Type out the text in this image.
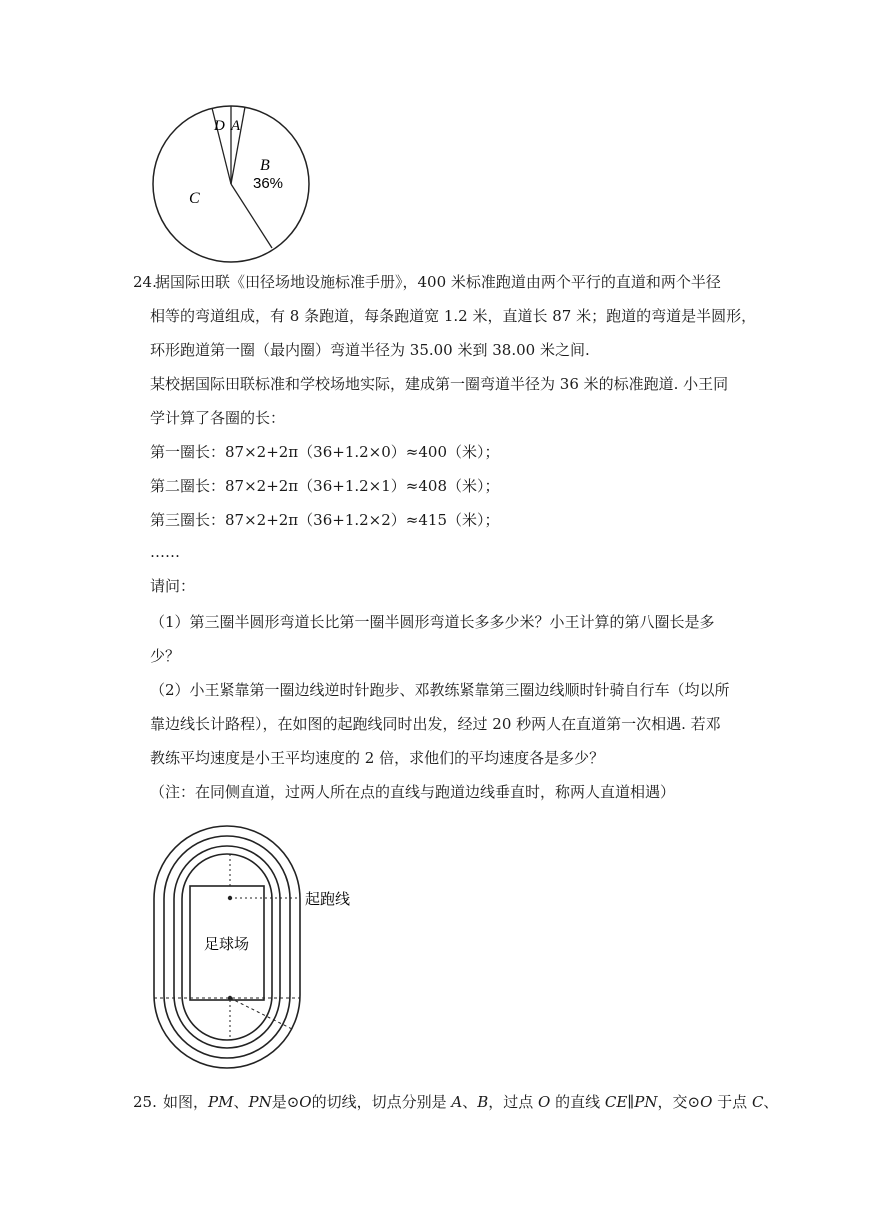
D A
B
36%
C
24.
据国际田联《田径场地设施标准手册》，400 米标准跑道由两个平行的直道和两个半径
相等的弯道组成，有 8 条跑道，每条跑道宽 1.2 米，直道长 87 米；跑道的弯道是半圆形，
环形跑道第一圈（最内圈）弯道半径为 35.00 米到 38.00 米之间.
某校据国际田联标准和学校场地实际，建成第一圈弯道半径为 36 米的标准跑道. 小王同
学计算了各圈的长：
第一圈长：87×2+2π（36+1.2×0）≈400（米）；
第二圈长：87×2+2π（36+1.2×1）≈408（米）；
第三圈长：87×2+2π（36+1.2×2）≈415（米）；
……
请问：
（1）第三圈半圆形弯道长比第一圈半圆形弯道长多多少米？小王计算的第八圈长是多
少？
（2）小王紧靠第一圈边线逆时针跑步、邓教练紧靠第三圈边线顺时针骑自行车（均以所
靠边线长计路程），在如图的起跑线同时出发，经过 20 秒两人在直道第一次相遇. 若邓
教练平均速度是小王平均速度的 2 倍，求他们的平均速度各是多少？
（注：在同侧直道，过两人所在点的直线与跑道边线垂直时，称两人直道相遇）
足球场
起跑线
25. 如图，PM、PN是⊙O的切线，切点分别是 A、B，过点 O 的直线 CE∥PN，交⊙O 于点 C、
